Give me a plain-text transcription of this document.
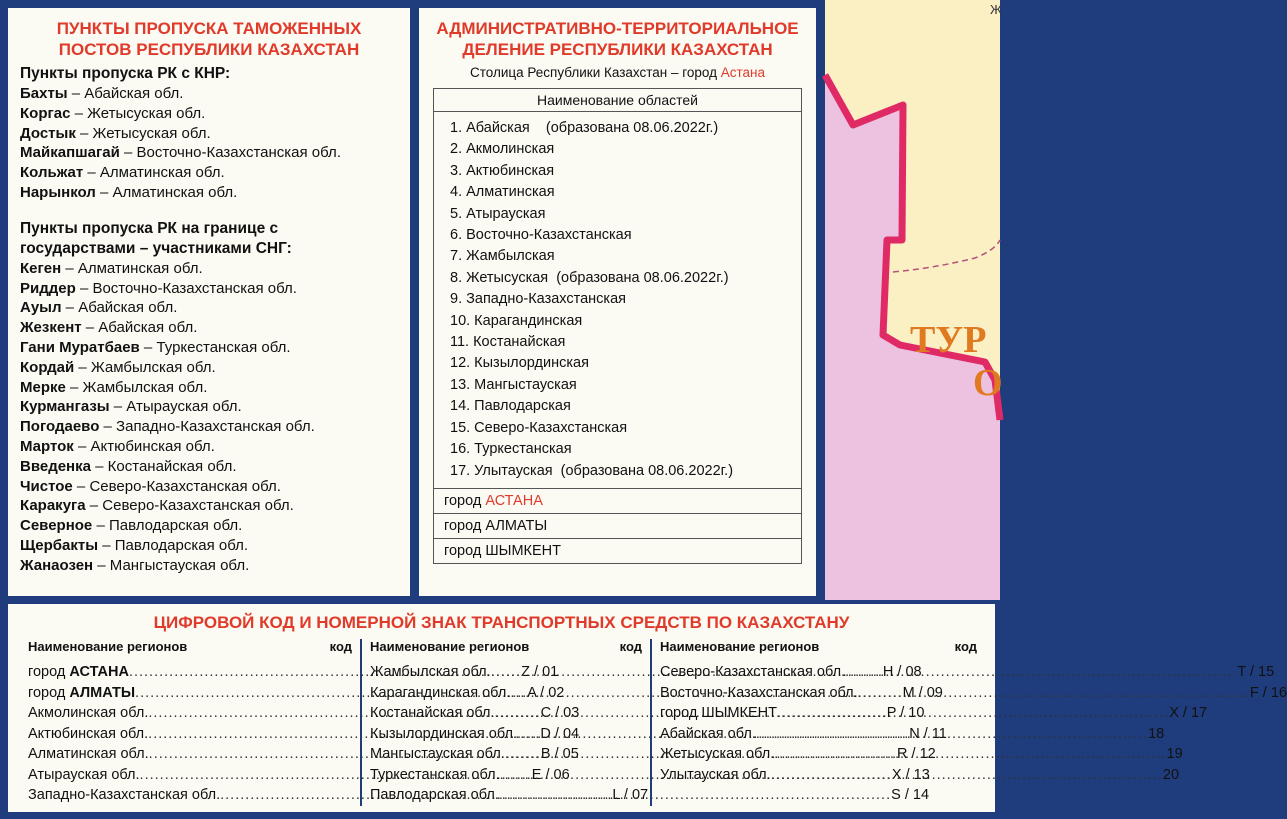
ПУНКТЫ ПРОПУСКА ТАМОЖЕННЫХ
ПОСТОВ РЕСПУБЛИКИ КАЗАХСТАН
Пункты пропуска РК с КНР:
Бахты – Абайская обл.
Коргас – Жетысуская обл.
Достык – Жетысуская обл.
Майкапшагай – Восточно-Казахстанская обл.
Кольжат – Алматинская обл.
Нарынкол – Алматинская обл.
Пункты пропуска РК на границе с
государствами – участниками СНГ:
Кеген – Алматинская обл.
Риддер – Восточно-Казахстанская обл.
Ауыл – Абайская обл.
Жезкент – Абайская обл.
Гани Муратбаев – Туркестанская обл.
Кордай – Жамбылская обл.
Мерке – Жамбылская обл.
Курмангазы – Атырауская обл.
Погодаево – Западно-Казахстанская обл.
Марток – Актюбинская обл.
Введенка – Костанайская обл.
Чистое – Северо-Казахстанская обл.
Каракуга – Северо-Казахстанская обл.
Северное – Павлодарская обл.
Щербакты – Павлодарская обл.
Жанаозен – Мангыстауская обл.
АДМИНИСТРАТИВНО-ТЕРРИТОРИАЛЬНОЕ
ДЕЛЕНИЕ РЕСПУБЛИКИ КАЗАХСТАН
Столица Республики Казахстан – город Астана
Наименование областей
1. Абайская    (образована 08.06.2022г.)
2. Акмолинская
3. Актюбинская
4. Алматинская
5. Атырауская
6. Восточно-Казахстанская
7. Жамбылская
8. Жетысуская  (образована 08.06.2022г.)
9. Западно-Казахстанская
10. Карагандинская
11. Костанайская
12. Кызылординская
13. Мангыстауская
14. Павлодарская
15. Северо-Казахстанская
16. Туркестанская
17. Улытауская  (образована 08.06.2022г.)
город АСТАНА
город АЛМАТЫ
город ШЫМКЕНТ
ТУР
О
Ж
ЦИФРОВОЙ КОД И НОМЕРНОЙ ЗНАК ТРАНСПОРТНЫХ СРЕДСТВ ПО КАЗАХСТАНУ
Наименование регионов	код
город АСТАНА .....	Z / 01
город АЛМАТЫ .....	A / 02
Акмолинская обл. .....	C / 03
Актюбинская обл. .....	D / 04
Алматинская обл. .....	B / 05
Атырауская обл. .....	E / 06
Западно-Казахстанская обл. .....	L / 07
Наименование регионов	код
Жамбылская обл. .....	H / 08
Карагандинская обл. .....	M / 09
Костанайская обл. .....	P / 10
Кызылординская обл. .....	N / 11
Мангыстауская обл. .....	R / 12
Туркестанская обл. .....	X / 13
Павлодарская обл. .....	S / 14
Наименование регионов	код
Северо-Казахстанская обл. .....	T / 15
Восточно-Казахстанская обл. .....	F / 16
город ШЫМКЕНТ .....	X / 17
Абайская обл. .....	18
Жетысуская обл. .....	19
Улытауская обл. .....	20
